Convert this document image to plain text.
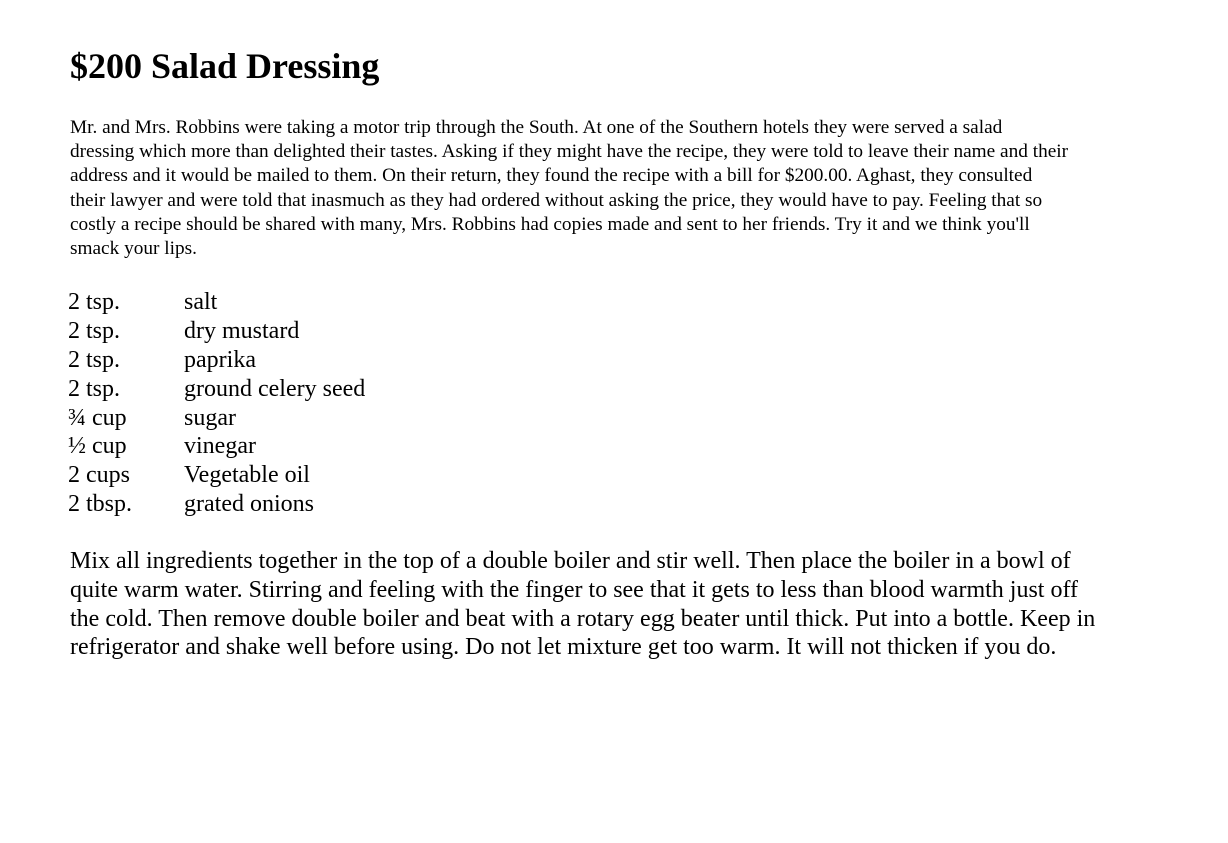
$200 Salad Dressing

Mr. and Mrs. Robbins were taking a motor trip through the South. At one of the Southern hotels they were served a salad
dressing which more than delighted their tastes. Asking if they might have the recipe, they were told to leave their name and their
address and it would be mailed to them. On their return, they found the recipe with a bill for $200.00. Aghast, they consulted
their lawyer and were told that inasmuch as they had ordered without asking the price, they would have to pay. Feeling that so
costly a recipe should be shared with many, Mrs. Robbins had copies made and sent to her friends. Try it and we think you'll
smack your lips.

2 tsp.	salt
2 tsp.	dry mustard
2 tsp.	paprika
2 tsp.	ground celery seed
¾ cup	sugar
½ cup	vinegar
2 cups	Vegetable oil
2 tbsp.	grated onions

Mix all ingredients together in the top of a double boiler and stir well. Then place the boiler in a bowl of
quite warm water. Stirring and feeling with the finger to see that it gets to less than blood warmth just off
the cold. Then remove double boiler and beat with a rotary egg beater until thick. Put into a bottle. Keep in
refrigerator and shake well before using. Do not let mixture get too warm. It will not thicken if you do.
